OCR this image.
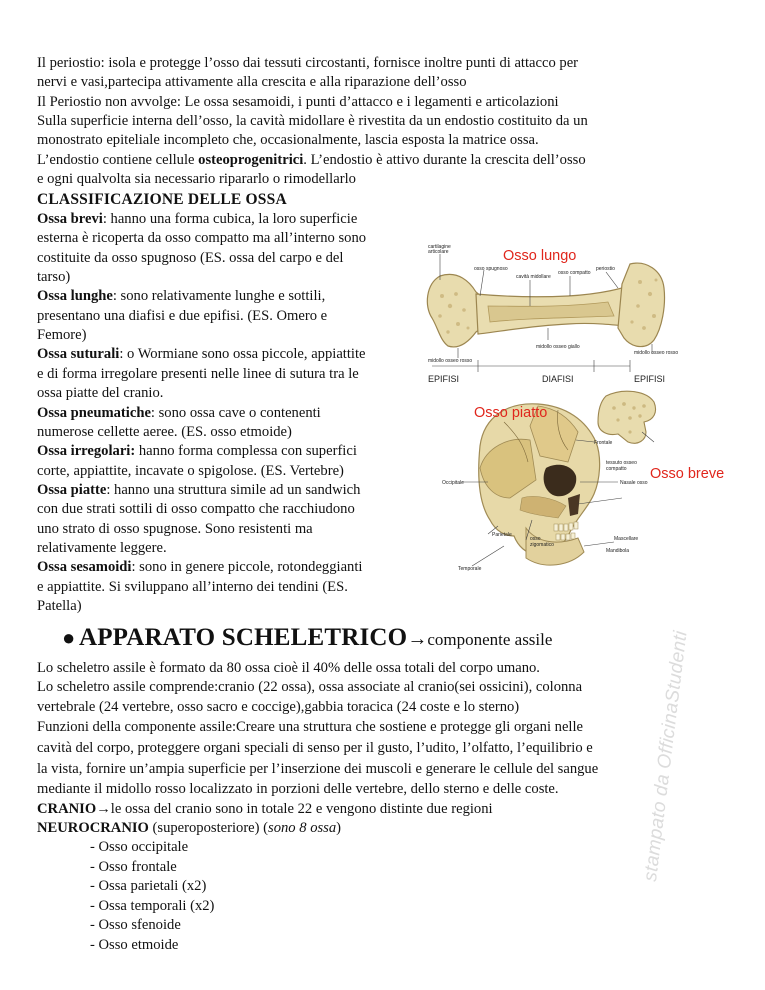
Il periostio: isola e protegge l’osso dai tessuti circostanti, fornisce inoltre punti di attacco per
nervi e vasi,partecipa attivamente alla crescita e alla riparazione dell’osso
Il Periostio non avvolge: Le ossa sesamoidi, i punti d’attacco e i legamenti e articolazioni
Sulla superficie interna dell’osso, la cavità midollare è rivestita da un endostio costituito da un
monostrato epiteliale incompleto che, occasionalmente, lascia esposta la matrice ossa.
L’endostio contiene cellule osteoprogenitrici. L’endostio è attivo durante la crescita dell’osso
e ogni qualvolta sia necessario ripararlo o rimodellarlo
CLASSIFICAZIONE DELLE OSSA
Ossa brevi: hanno una forma cubica, la loro superficie
esterna è ricoperta da osso compatto ma all’interno sono
costituite da osso spugnoso (ES. ossa del carpo e del
tarso)
Ossa lunghe: sono relativamente lunghe e sottili,
presentano una diafisi e due epifisi. (ES. Omero e
Femore)
Ossa suturali: o Wormiane sono ossa piccole, appiattite
e di forma irregolare presenti nelle linee di sutura tra le
ossa piatte del cranio.
Ossa pneumatiche: sono ossa cave o contenenti
numerose cellette aeree. (ES. osso etmoide)
Ossa irregolari: hanno forma complessa con superfici
corte, appiattite, incavate o spigolose. (ES. Vertebre)
Ossa piatte: hanno una struttura simile ad un sandwich
con due strati sottili di osso compatto che racchiudono
uno strato di osso spugnose. Sono resistenti ma
relativamente leggere.
Ossa sesamoidi: sono in genere piccole, rotondeggianti
e appiattite. Si sviluppano all’interno dei tendini (ES.
Patella)
Osso lungo
Osso piatto
Osso breve
cartilagine
articolare
osso spugnoso
cavità midollare
osso compatto
periostio
midollo osseo rosso
midollo osseo giallo
midollo osseo rosso
tessuto osseo
compatto
Frontale
Occipitale	Nasale osso
Parietale
osso
zigomatico
Mascellare
Temporale
Mandibola
EPIFISI	DIAFISI	EPIFISI
● APPARATO SCHELETRICO→componente assile
Lo scheletro assile è formato da 80 ossa cioè il 40% delle ossa totali del corpo umano.
Lo scheletro assile comprende:cranio (22 ossa), ossa associate al cranio(sei ossicini), colonna
vertebrale (24 vertebre, osso sacro e coccige),gabbia toracica (24 coste e lo sterno)
Funzioni della componente assile:Creare una struttura che sostiene e protegge gli organi nelle
cavità del corpo, proteggere organi speciali di senso per il gusto, l’udito, l’olfatto, l’equilibrio e
la vista, fornire un’ampia superficie per l’inserzione dei muscoli e generare le cellule del sangue
mediante il midollo rosso localizzato in porzioni delle vertebre, dello sterno e delle coste.
CRANIO→le ossa del cranio sono in totale 22 e vengono distinte due regioni
NEUROCRANIO (superoposteriore) (sono 8 ossa)
- Osso occipitale
- Osso frontale
- Ossa parietali (x2)
- Ossa temporali (x2)
- Osso sfenoide
- Osso etmoide
stampato da OfficinaStudenti
